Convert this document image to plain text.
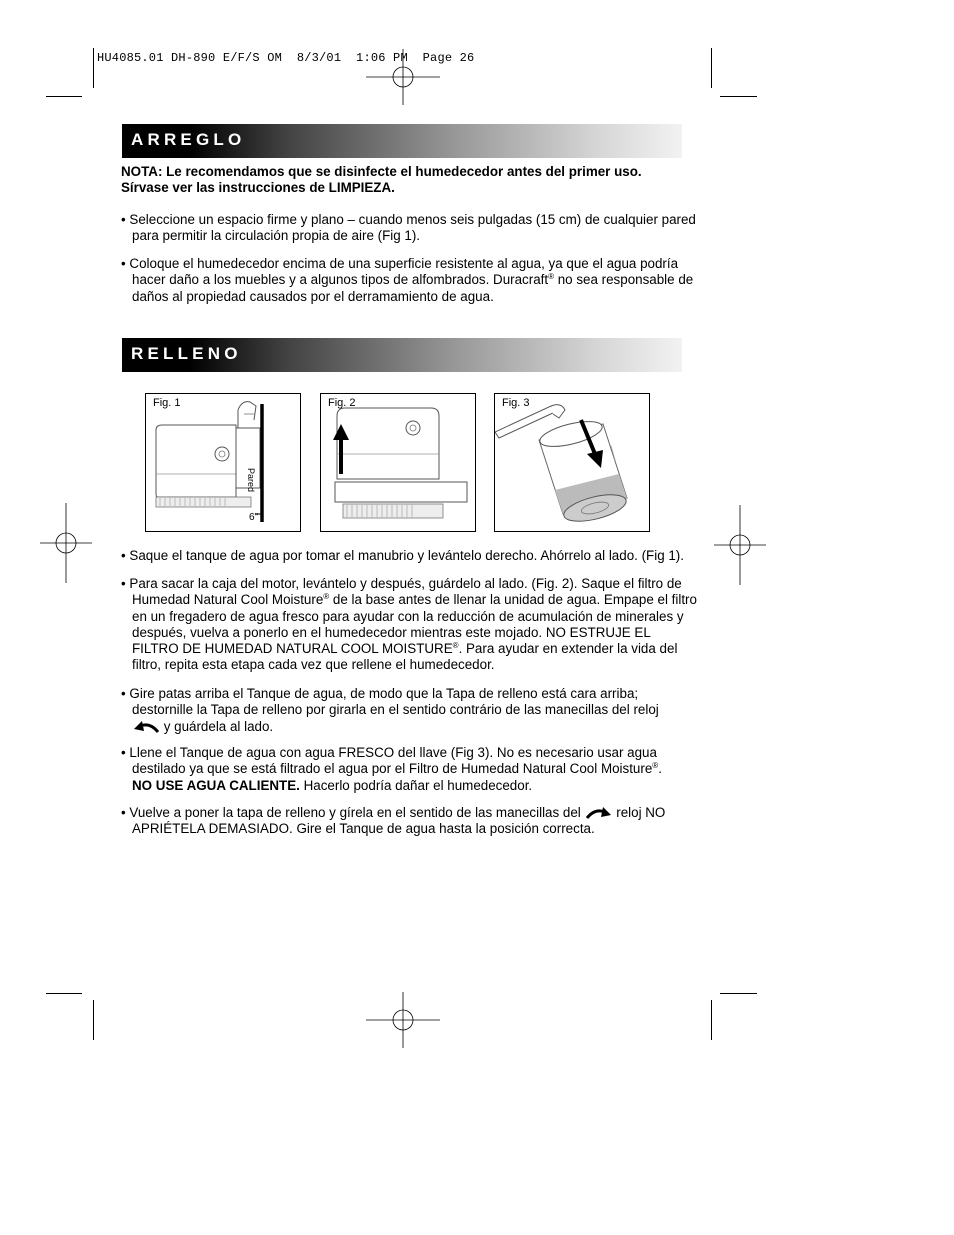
HU4085.01 DH-890 E/F/S OM  8/3/01  1:06 PM  Page 26
ARREGLO
NOTA: Le recomendamos que se disinfecte el humedecedor antes del primer uso. Sírvase ver las instrucciones de LIMPIEZA.
• Seleccione un espacio firme y plano – cuando menos seis pulgadas (15 cm) de cualquier pared para permitir la circulación propia de aire (Fig 1).
• Coloque el humedecedor encima de una superficie resistente al agua, ya que el agua podría hacer daño a los muebles y a algunos tipos de alfombrados. Duracraft® no sea responsable de daños al propiedad causados por el derramamiento de agua.
RELLENO
Fig. 1
Pared
6"
Fig. 2	Fig. 3
• Saque el tanque de agua por tomar el manubrio y levántelo derecho. Ahórrelo al lado. (Fig 1).
• Para sacar la caja del motor, levántelo y después, guárdelo al lado. (Fig. 2). Saque el filtro de Humedad Natural Cool Moisture® de la base antes de llenar la unidad de agua. Empape el filtro en un fregadero de agua fresco para ayudar con la reducción de acumulación de minerales y después, vuelva a ponerlo en el humedecedor mientras este mojado. NO ESTRUJE EL FILTRO DE HUMEDAD NATURAL COOL MOISTURE®. Para ayudar en extender la vida del filtro, repita esta etapa cada vez que rellene el humedecedor.
• Gire patas arriba el Tanque de agua, de modo que la Tapa de relleno está cara arriba; destornille la Tapa de relleno por girarla en el sentido contrário de las manecillas del reloj
y guárdela al lado.
• Llene el Tanque de agua con agua FRESCO del llave (Fig 3). No es necesario usar agua destilado ya que se está filtrado el agua por el Filtro de Humedad Natural Cool Moisture®.
NO USE AGUA CALIENTE. Hacerlo podría dañar el humedecedor.
• Vuelve a poner la tapa de relleno y gírela en el sentido de las manecillas del  reloj NO APRIÉTELA DEMASIADO. Gire el Tanque de agua hasta la posición correcta.
